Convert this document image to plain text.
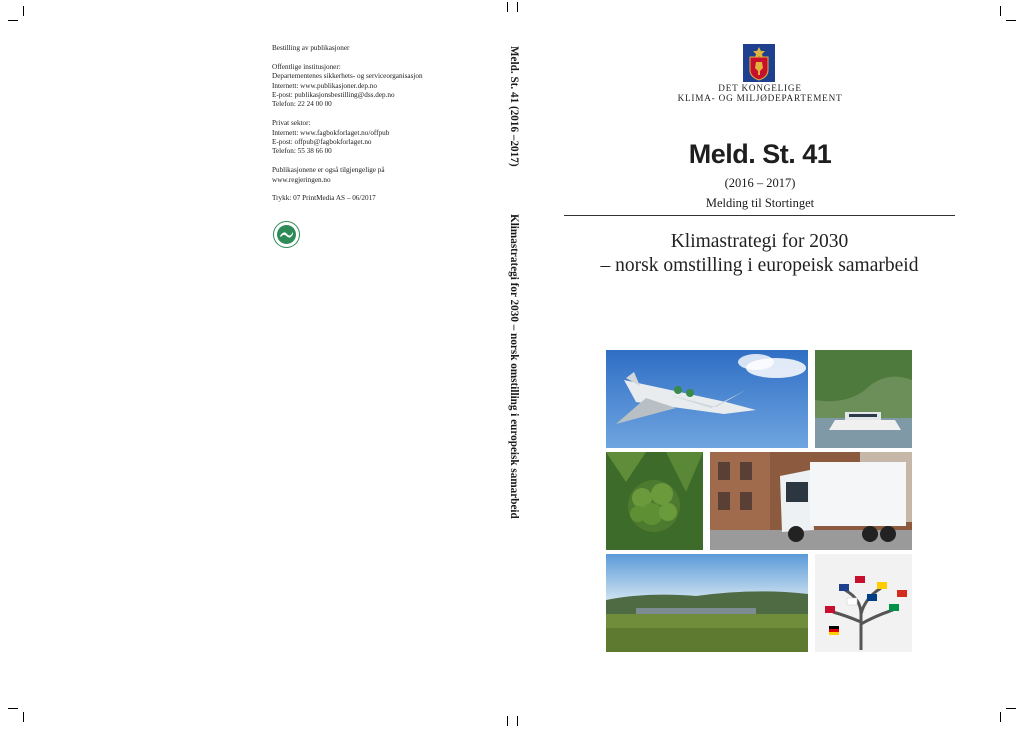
Bestilling av publikasjoner

Offentlige institusjoner:
Departementenes sikkerhets- og serviceorganisasjon
Internett: www.publikasjoner.dep.no
E-post: publikasjonsbestilling@dss.dep.no
Telefon: 22 24 00 00

Privat sektor:
Internett: www.fagbokforlaget.no/offpub
E-post: offpub@fagbokforlaget.no
Telefon: 55 38 66 00

Publikasjonene er også tilgjengelige på
www.regjeringen.no

Trykk: 07 PrintMedia AS – 06/2017

Meld. St. 41 (2016 –2017)
Klimastrategi for 2030 – norsk omstilling i europeisk samarbeid
DET KONGELIGE
KLIMA- OG MILJØDEPARTEMENT
Meld. St. 41
(2016 – 2017)
Melding til Stortinget
Klimastrategi for 2030
– norsk omstilling i europeisk samarbeid
